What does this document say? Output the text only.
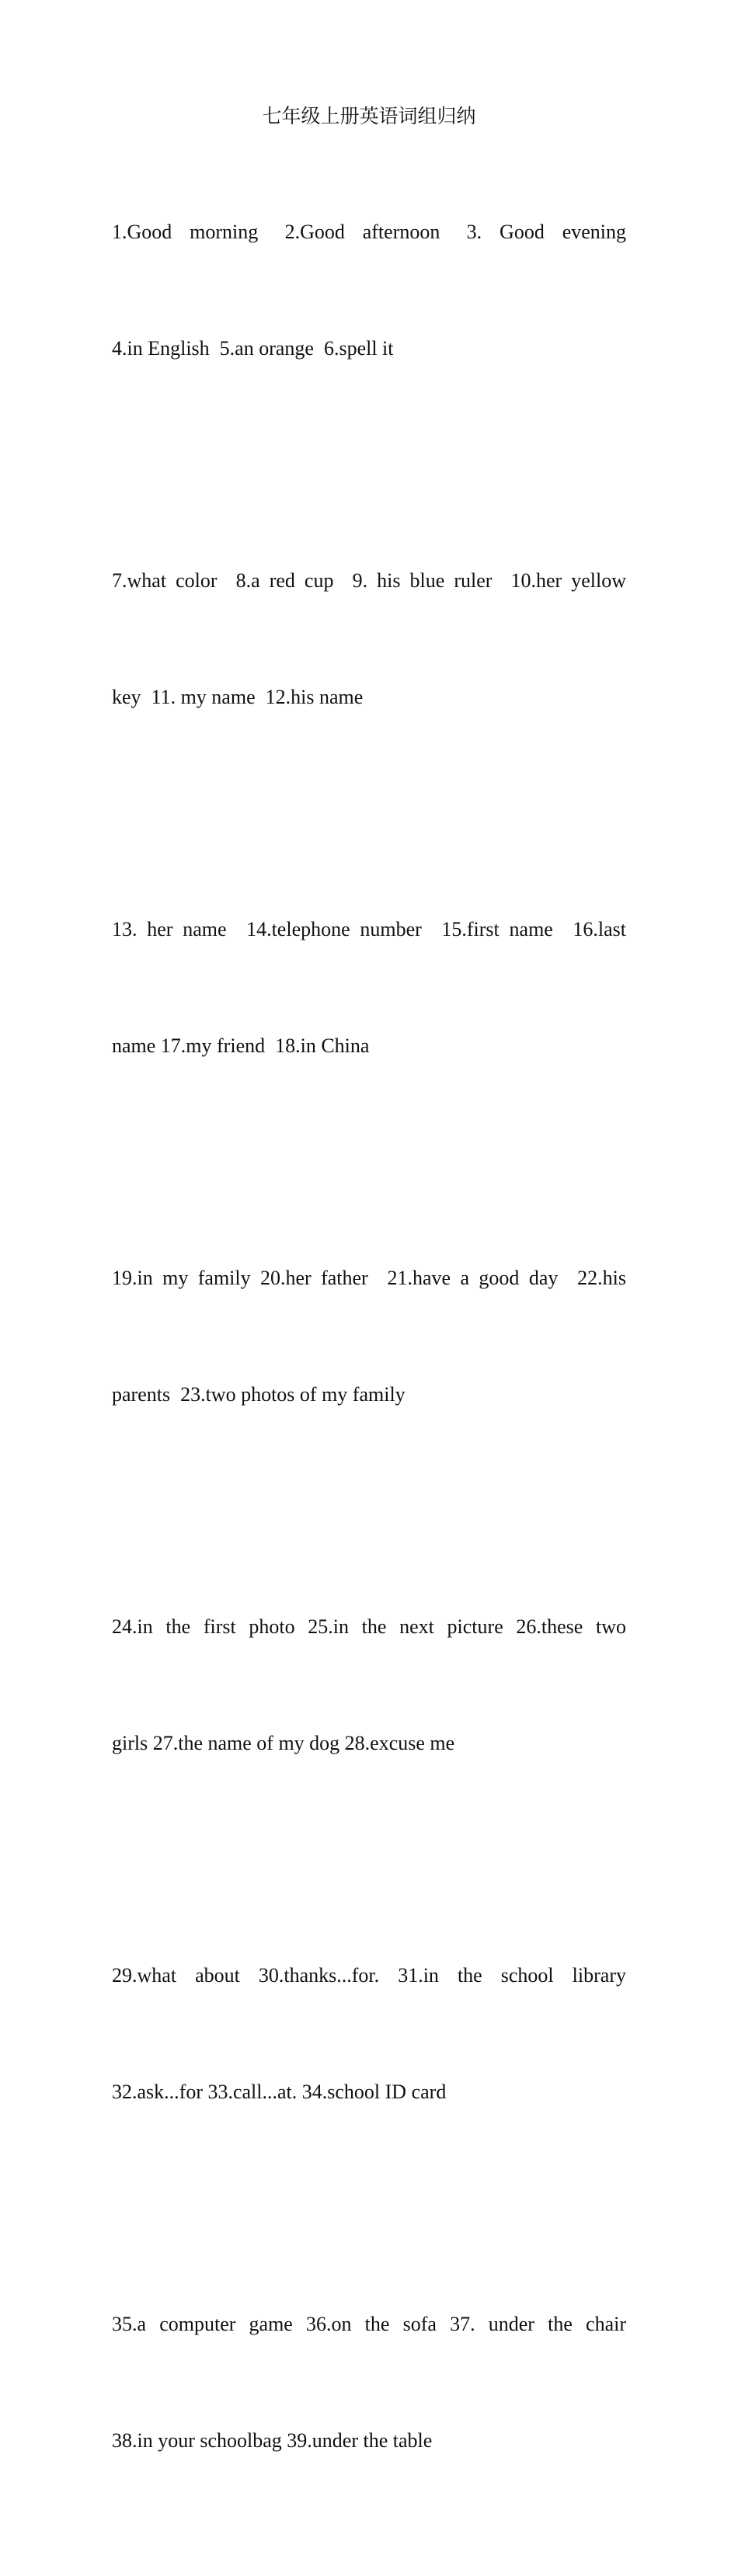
七年级上册英语词组归纳

1.Good  morning   2.Good  afternoon   3.  Good  evening

4.in English  5.an orange  6.spell it

7.what color  8.a red cup  9. his blue ruler  10.her yellow

key  11. my name  12.his name

13. her name  14.telephone number  15.first name  16.last

name 17.my friend  18.in China

19.in my family 20.her father  21.have a good day  22.his

parents  23.two photos of my family

24.in the first photo 25.in the next picture 26.these two

girls 27.the name of my dog 28.excuse me

29.what  about  30.thanks...for.  31.in  the  school  library

32.ask...for 33.call...at. 34.school ID card

35.a computer game 36.on the sofa 37. under the chair

38.in your schoolbag 39.under the table
